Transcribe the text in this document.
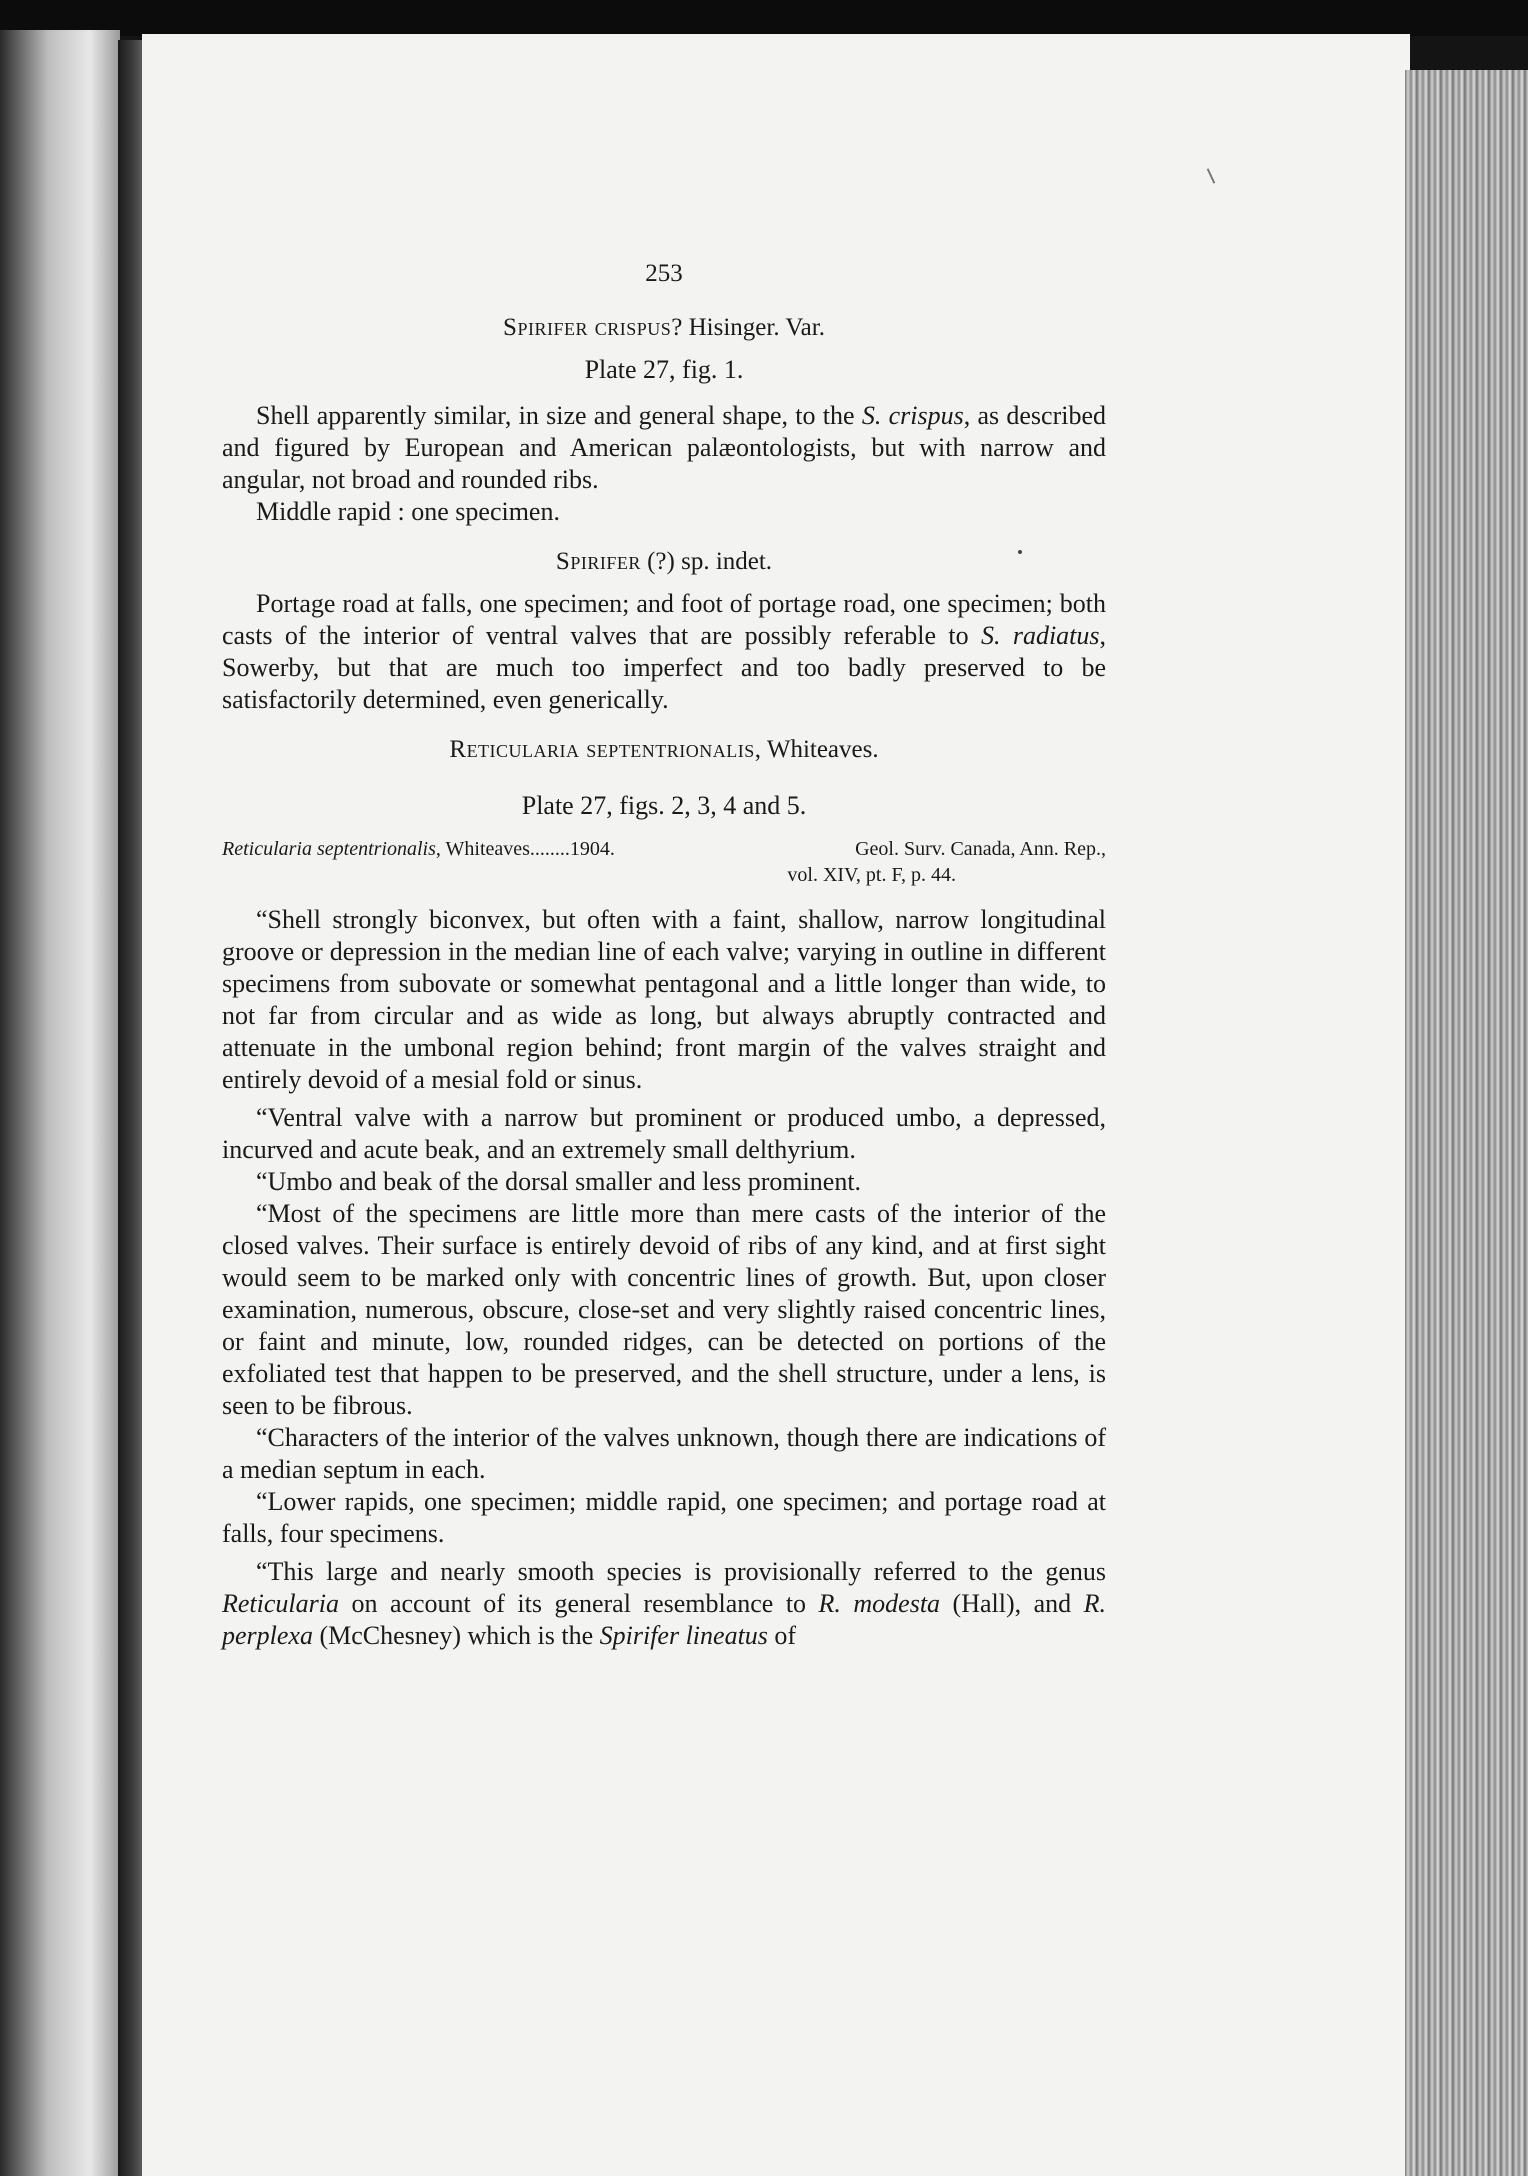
253
Spirifer crispus? Hisinger. Var.
Plate 27, fig. 1.

Shell apparently similar, in size and general shape, to the S. crispus, as described and figured by European and American palæontologists, but with narrow and angular, not broad and rounded ribs.

Middle rapid : one specimen.

Spirifer (?) sp. indet.

Portage road at falls, one specimen; and foot of portage road, one specimen; both casts of the interior of ventral valves that are possibly referable to S. radiatus, Sowerby, but that are much too imperfect and too badly preserved to be satisfactorily determined, even generically.

Reticularia septentrionalis, Whiteaves.
Plate 27, figs. 2, 3, 4 and 5.
Reticularia septentrionalis, Whiteaves........1904.	Geol. Surv. Canada, Ann. Rep.,
vol. XIV, pt. F, p. 44.

“Shell strongly biconvex, but often with a faint, shallow, narrow longitudinal groove or depression in the median line of each valve; varying in outline in different specimens from subovate or somewhat pentagonal and a little longer than wide, to not far from circular and as wide as long, but always abruptly contracted and attenuate in the umbonal region behind; front margin of the valves straight and entirely devoid of a mesial fold or sinus.

“Ventral valve with a narrow but prominent or produced umbo, a depressed, incurved and acute beak, and an extremely small delthyrium.

“Umbo and beak of the dorsal smaller and less prominent.

“Most of the specimens are little more than mere casts of the interior of the closed valves. Their surface is entirely devoid of ribs of any kind, and at first sight would seem to be marked only with concentric lines of growth. But, upon closer examination, numerous, obscure, close-set and very slightly raised concentric lines, or faint and minute, low, rounded ridges, can be detected on portions of the exfoliated test that happen to be preserved, and the shell structure, under a lens, is seen to be fibrous.

“Characters of the interior of the valves unknown, though there are indications of a median septum in each.

“Lower rapids, one specimen; middle rapid, one specimen; and portage road at falls, four specimens.

“This large and nearly smooth species is provisionally referred to the genus Reticularia on account of its general resemblance to R. modesta (Hall), and R. perplexa (McChesney) which is the Spirifer lineatus of
